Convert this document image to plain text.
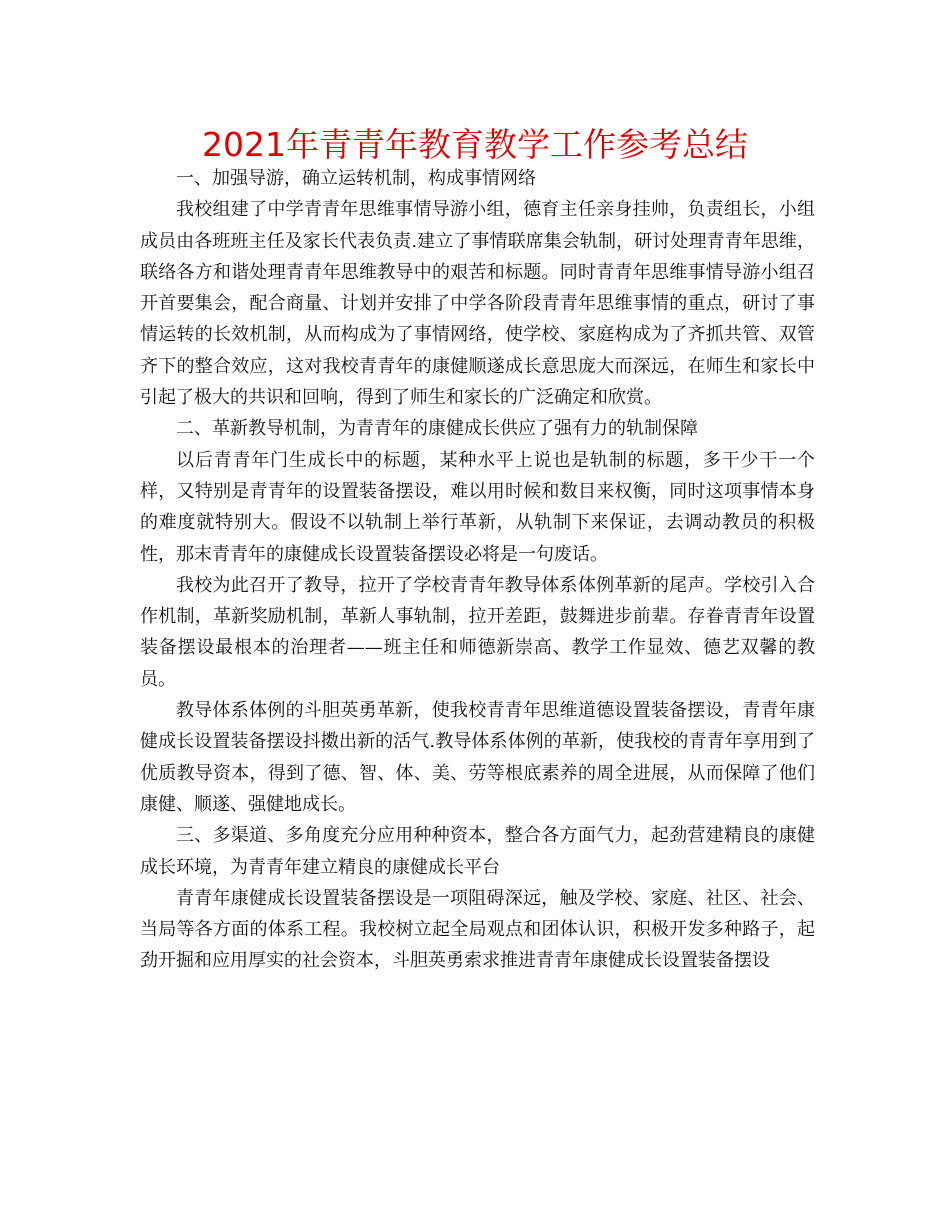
2021年青青年教育教学工作参考总结

一、加强导游，确立运转机制，构成事情网络

我校组建了中学青青年思维事情导游小组，德育主任亲身挂帅，负责组长，小组成员由各班班主任及家长代表负责.建立了事情联席集会轨制，研讨处理青青年思维，联络各方和谐处理青青年思维教导中的艰苦和标题。同时青青年思维事情导游小组召开首要集会，配合商量、计划并安排了中学各阶段青青年思维事情的重点，研讨了事情运转的长效机制，从而构成为了事情网络，使学校、家庭构成为了齐抓共管、双管齐下的整合效应，这对我校青青年的康健顺遂成长意思庞大而深远，在师生和家长中引起了极大的共识和回响，得到了师生和家长的广泛确定和欣赏。

二、革新教导机制，为青青年的康健成长供应了强有力的轨制保障

以后青青年门生成长中的标题，某种水平上说也是轨制的标题，多干少干一个样，又特别是青青年的设置装备摆设，难以用时候和数目来权衡，同时这项事情本身的难度就特别大。假设不以轨制上举行革新，从轨制下来保证，去调动教员的积极性，那末青青年的康健成长设置装备摆设必将是一句废话。

我校为此召开了教导，拉开了学校青青年教导体系体例革新的尾声。学校引入合作机制，革新奖励机制，革新人事轨制，拉开差距，鼓舞进步前辈。存眷青青年设置装备摆设最根本的治理者——班主任和师德新崇高、教学工作显效、德艺双馨的教员。

教导体系体例的斗胆英勇革新，使我校青青年思维道德设置装备摆设，青青年康健成长设置装备摆设抖擞出新的活气.教导体系体例的革新，使我校的青青年享用到了优质教导资本，得到了德、智、体、美、劳等根底素养的周全进展，从而保障了他们康健、顺遂、强健地成长。

三、多渠道、多角度充分应用种种资本，整合各方面气力，起劲营建精良的康健成长环境，为青青年建立精良的康健成长平台

青青年康健成长设置装备摆设是一项阻碍深远，触及学校、家庭、社区、社会、当局等各方面的体系工程。我校树立起全局观点和团体认识，积极开发多种路子，起劲开掘和应用厚实的社会资本，斗胆英勇索求推进青青年康健成长设置装备摆设
